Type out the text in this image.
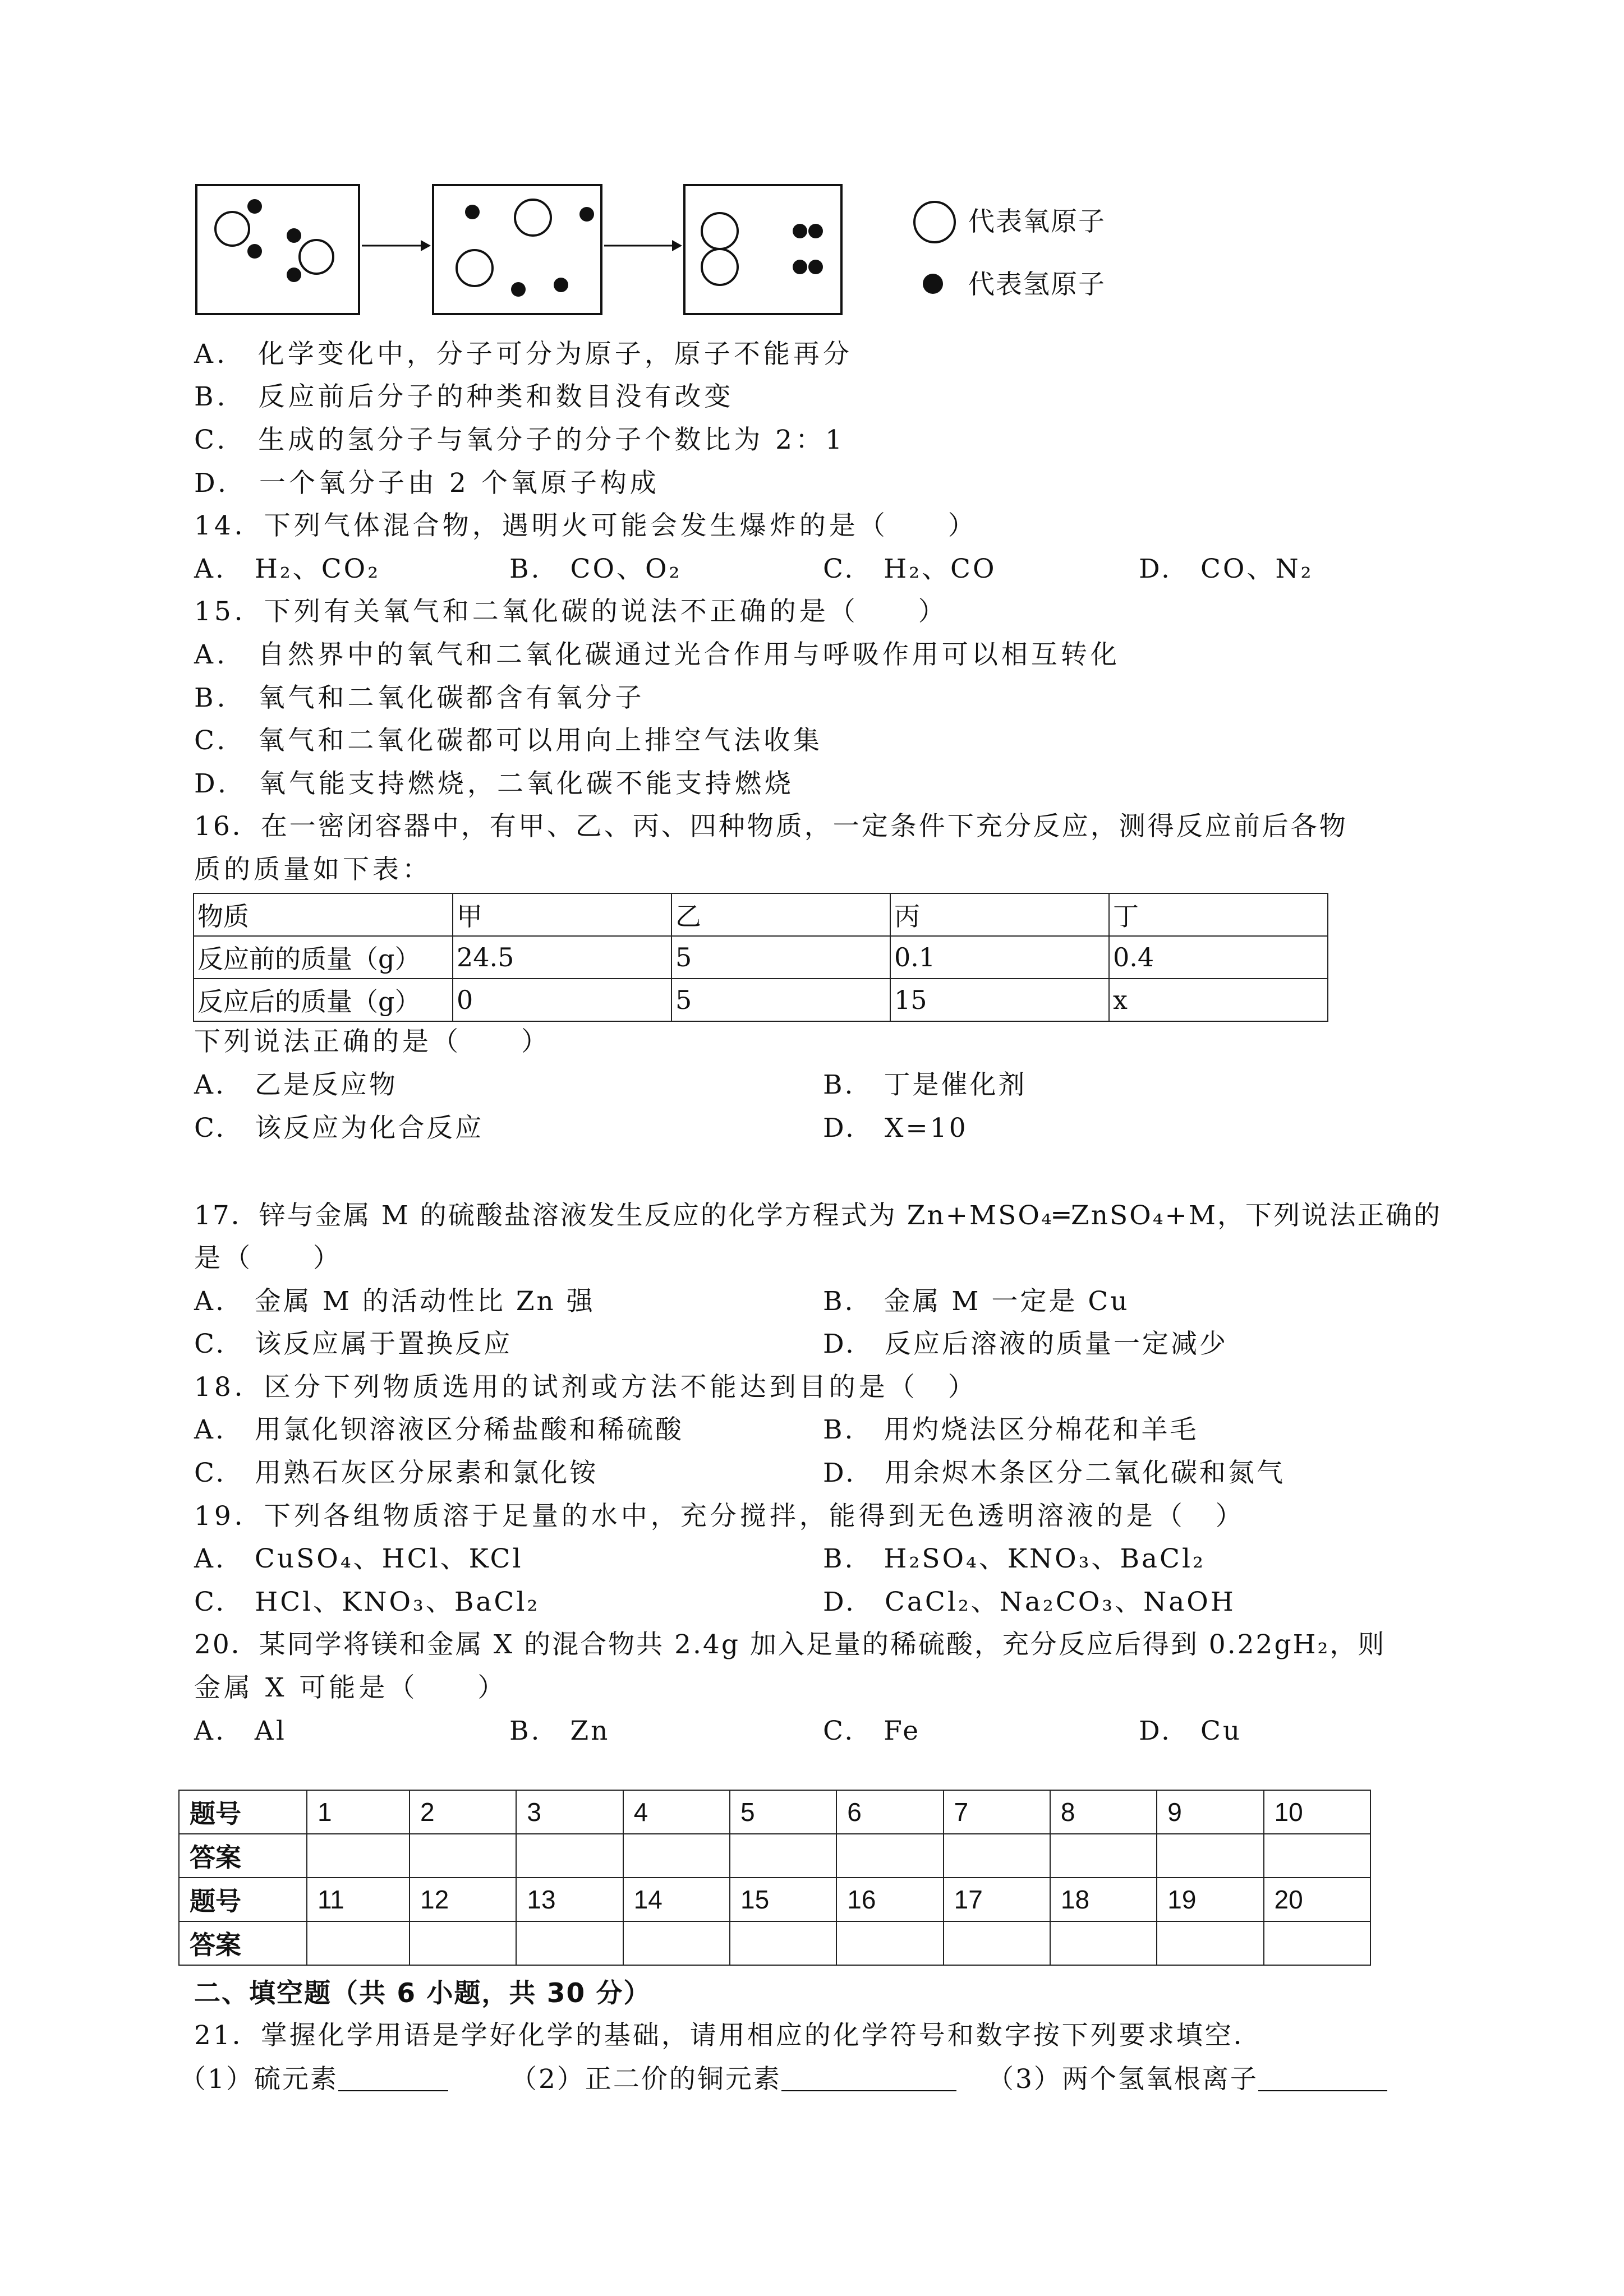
代表氧原子
代表氢原子
A.　化学变化中，分子可分为原子，原子不能再分
B.　反应前后分子的种类和数目没有改变
C.　生成的氢分子与氧分子的分子个数比为 2：1
D.　一个氧分子由 2 个氧原子构成
14．下列气体混合物，遇明火可能会发生爆炸的是（　　）
A.　H₂、CO₂	B.　CO、O₂	C.　H₂、CO	D.　CO、N₂
15．下列有关氧气和二氧化碳的说法不正确的是（　　）
A.　自然界中的氧气和二氧化碳通过光合作用与呼吸作用可以相互转化
B.　氧气和二氧化碳都含有氧分子
C.　氧气和二氧化碳都可以用向上排空气法收集
D.　氧气能支持燃烧，二氧化碳不能支持燃烧
16．在一密闭容器中，有甲、乙、丙、四种物质，一定条件下充分反应，测得反应前后各物
质的质量如下表：
物质	甲	乙	丙	丁
反应前的质量（g）	24.5	5	0.1	0.4
反应后的质量（g）	0	5	15	x
下列说法正确的是（　　）
A.　乙是反应物	B.　丁是催化剂
C.　该反应为化合反应	D.　X=10
17．锌与金属 M 的硫酸盐溶液发生反应的化学方程式为 Zn+MSO₄═ZnSO₄+M，下列说法正确的
是（　　）
A.　金属 M 的活动性比 Zn 强	B.　金属 M 一定是 Cu
C.　该反应属于置换反应	D.　反应后溶液的质量一定减少
18．区分下列物质选用的试剂或方法不能达到目的是（　）
A.　用氯化钡溶液区分稀盐酸和稀硫酸	B.　用灼烧法区分棉花和羊毛
C.　用熟石灰区分尿素和氯化铵	D.　用余烬木条区分二氧化碳和氮气
19．下列各组物质溶于足量的水中，充分搅拌，能得到无色透明溶液的是（　）
A.　CuSO₄、HCl、KCl	B.　H₂SO₄、KNO₃、BaCl₂
C.　HCl、KNO₃、BaCl₂	D.　CaCl₂、Na₂CO₃、NaOH
20．某同学将镁和金属 X 的混合物共 2.4g 加入足量的稀硫酸，充分反应后得到 0.22gH₂，则
金属 X 可能是（　　）
A.　Al	B.　Zn	C.　Fe	D.　Cu
题号	1	2	3	4	5	6	7	8	9	10
答案										
题号	11	12	13	14	15	16	17	18	19	20
答案										
二、填空题（共 6 小题，共 30 分）
21．掌握化学用语是学好化学的基础，请用相应的化学符号和数字按下列要求填空．
（1）硫元素	（2）正二价的铜元素	（3）两个氢氧根离子
